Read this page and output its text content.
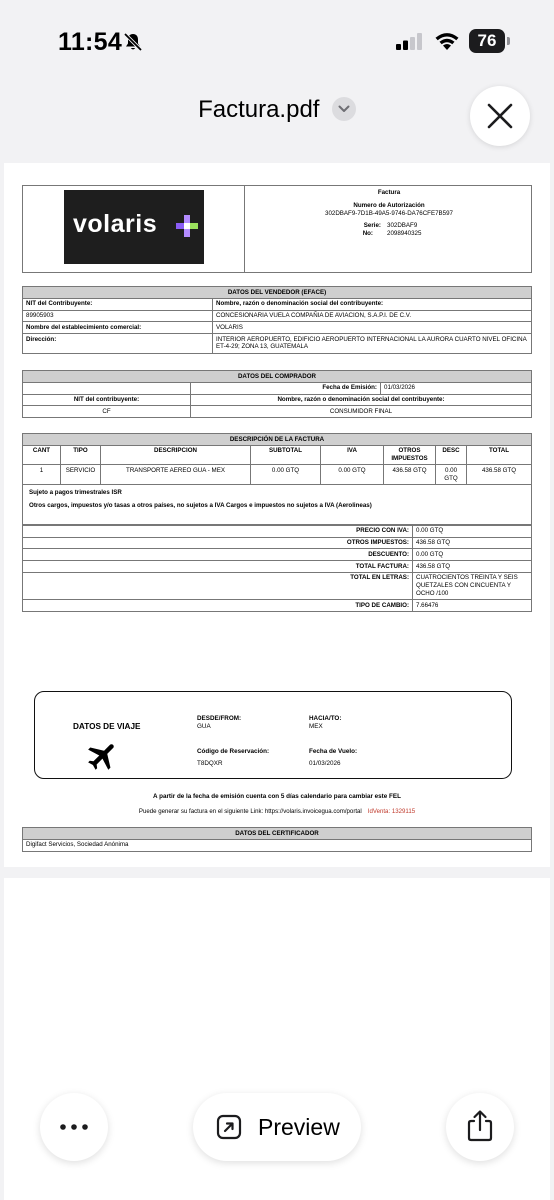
11:54	76
Factura.pdf
volaris
Factura
Numero de Autorización
302DBAF9-7D1B-49A5-9746-DA76CFE7B597
Serie: 302DBAF9
No: 2098940325
DATOS DEL VENDEDOR (EFACE)	
NIT del Contribuyente:	Nombre, razón o denominación social del contribuyente:
89905903	CONCESIONARIA VUELA COMPAÑIA DE AVIACION, S.A.P.I. DE C.V.
Nombre del establecimiento comercial:	VOLARIS
Dirección:	INTERIOR AEROPUERTO, EDIFICIO AEROPUERTO INTERNACIONAL LA AURORA CUARTO NIVEL OFICINA ET-4-29; ZONA 13, GUATEMALA
DATOS DEL COMPRADOR		
	Fecha de Emisión:	01/03/2026
NIT del contribuyente:	Nombre, razón o denominación social del contribuyente:	
CF	CONSUMIDOR FINAL	
DESCRIPCIÓN DE LA FACTURA							
CANT	TIPO	DESCRIPCION	SUBTOTAL	IVA	OTROS IMPUESTOS	DESC	TOTAL
1	SERVICIO	TRANSPORTE AEREO GUA - MEX	0.00 GTQ	0.00 GTQ	436.58 GTQ	0.00 GTQ	436.58 GTQ

Sujeto a pagos trimestrales ISR
Otros cargos, impuestos y/o tasas a otros países, no sujetos a IVA Cargos e impuestos no sujetos a IVA (Aerolineas)							
PRECIO CON IVA:	0.00 GTQ
OTROS IMPUESTOS:	436.58 GTQ
DESCUENTO:	0.00 GTQ
TOTAL FACTURA:	436.58 GTQ
TOTAL EN LETRAS:	CUATROCIENTOS TREINTA Y SEIS QUETZALES CON CINCUENTA Y OCHO /100
TIPO DE CAMBIO:	7.66476
DATOS DE VIAJE
DESDE/FROM:
GUA
HACIA/TO:
MEX
Código de Reservación:
T8DQXR
Fecha de Vuelo:
01/03/2026
A partir de la fecha de emisión cuenta con 5 días calendario para cambiar este FEL
Puede generar su factura en el siguiente Link: https://volaris.invoicegua.com/portal IdVenta: 1329115
DATOS DEL CERTIFICADOR
Digifact Servicios, Sociedad Anónima
Preview
